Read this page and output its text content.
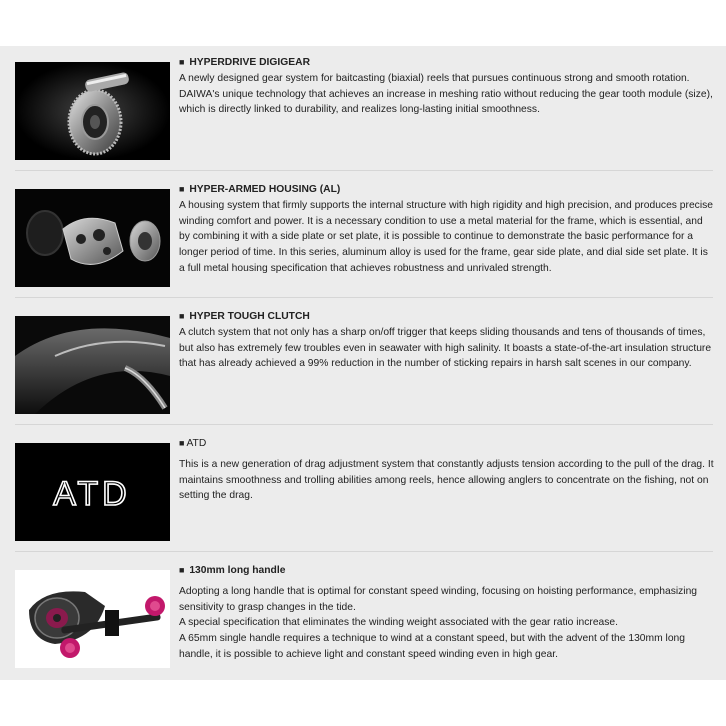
■ HYPERDRIVE DIGIGEAR

A newly designed gear system for baitcasting (biaxial) reels that pursues continuous strong and smooth rotation. DAIWA's unique technology that achieves an increase in meshing ratio without reducing the gear tooth module (size), which is directly linked to durability, and realizes long-lasting initial smoothness.

■ HYPER-ARMED HOUSING (AL)

A housing system that firmly supports the internal structure with high rigidity and high precision, and produces precise winding comfort and power. It is a necessary condition to use a metal material for the frame, which is essential, and by combining it with a side plate or set plate, it is possible to continue to demonstrate the basic performance for a longer period of time. In this series, aluminum alloy is used for the frame, gear side plate, and dial side set plate. It is a full metal housing specification that achieves robustness and unrivaled strength.

■ HYPER TOUGH CLUTCH

A clutch system that not only has a sharp on/off trigger that keeps sliding thousands and tens of thousands of times, but also has extremely few troubles even in seawater with high salinity. It boasts a state-of-the-art insulation structure that has already achieved a 99% reduction in the number of sticking repairs in harsh salt scenes in our company.

ATD
■ ATD

This is a new generation of drag adjustment system that constantly adjusts tension according to the pull of the drag. It maintains smoothness and trolling abilities among reels, hence allowing anglers to concentrate on the fishing, not on setting the drag.

■ 130mm long handle

Adopting a long handle that is optimal for constant speed winding, focusing on hoisting performance, emphasizing sensitivity to grasp changes in the tide.

A special specification that eliminates the winding weight associated with the gear ratio increase.

A 65mm single handle requires a technique to wind at a constant speed, but with the advent of the 130mm long handle, it is possible to achieve light and constant speed winding even in high gear.
